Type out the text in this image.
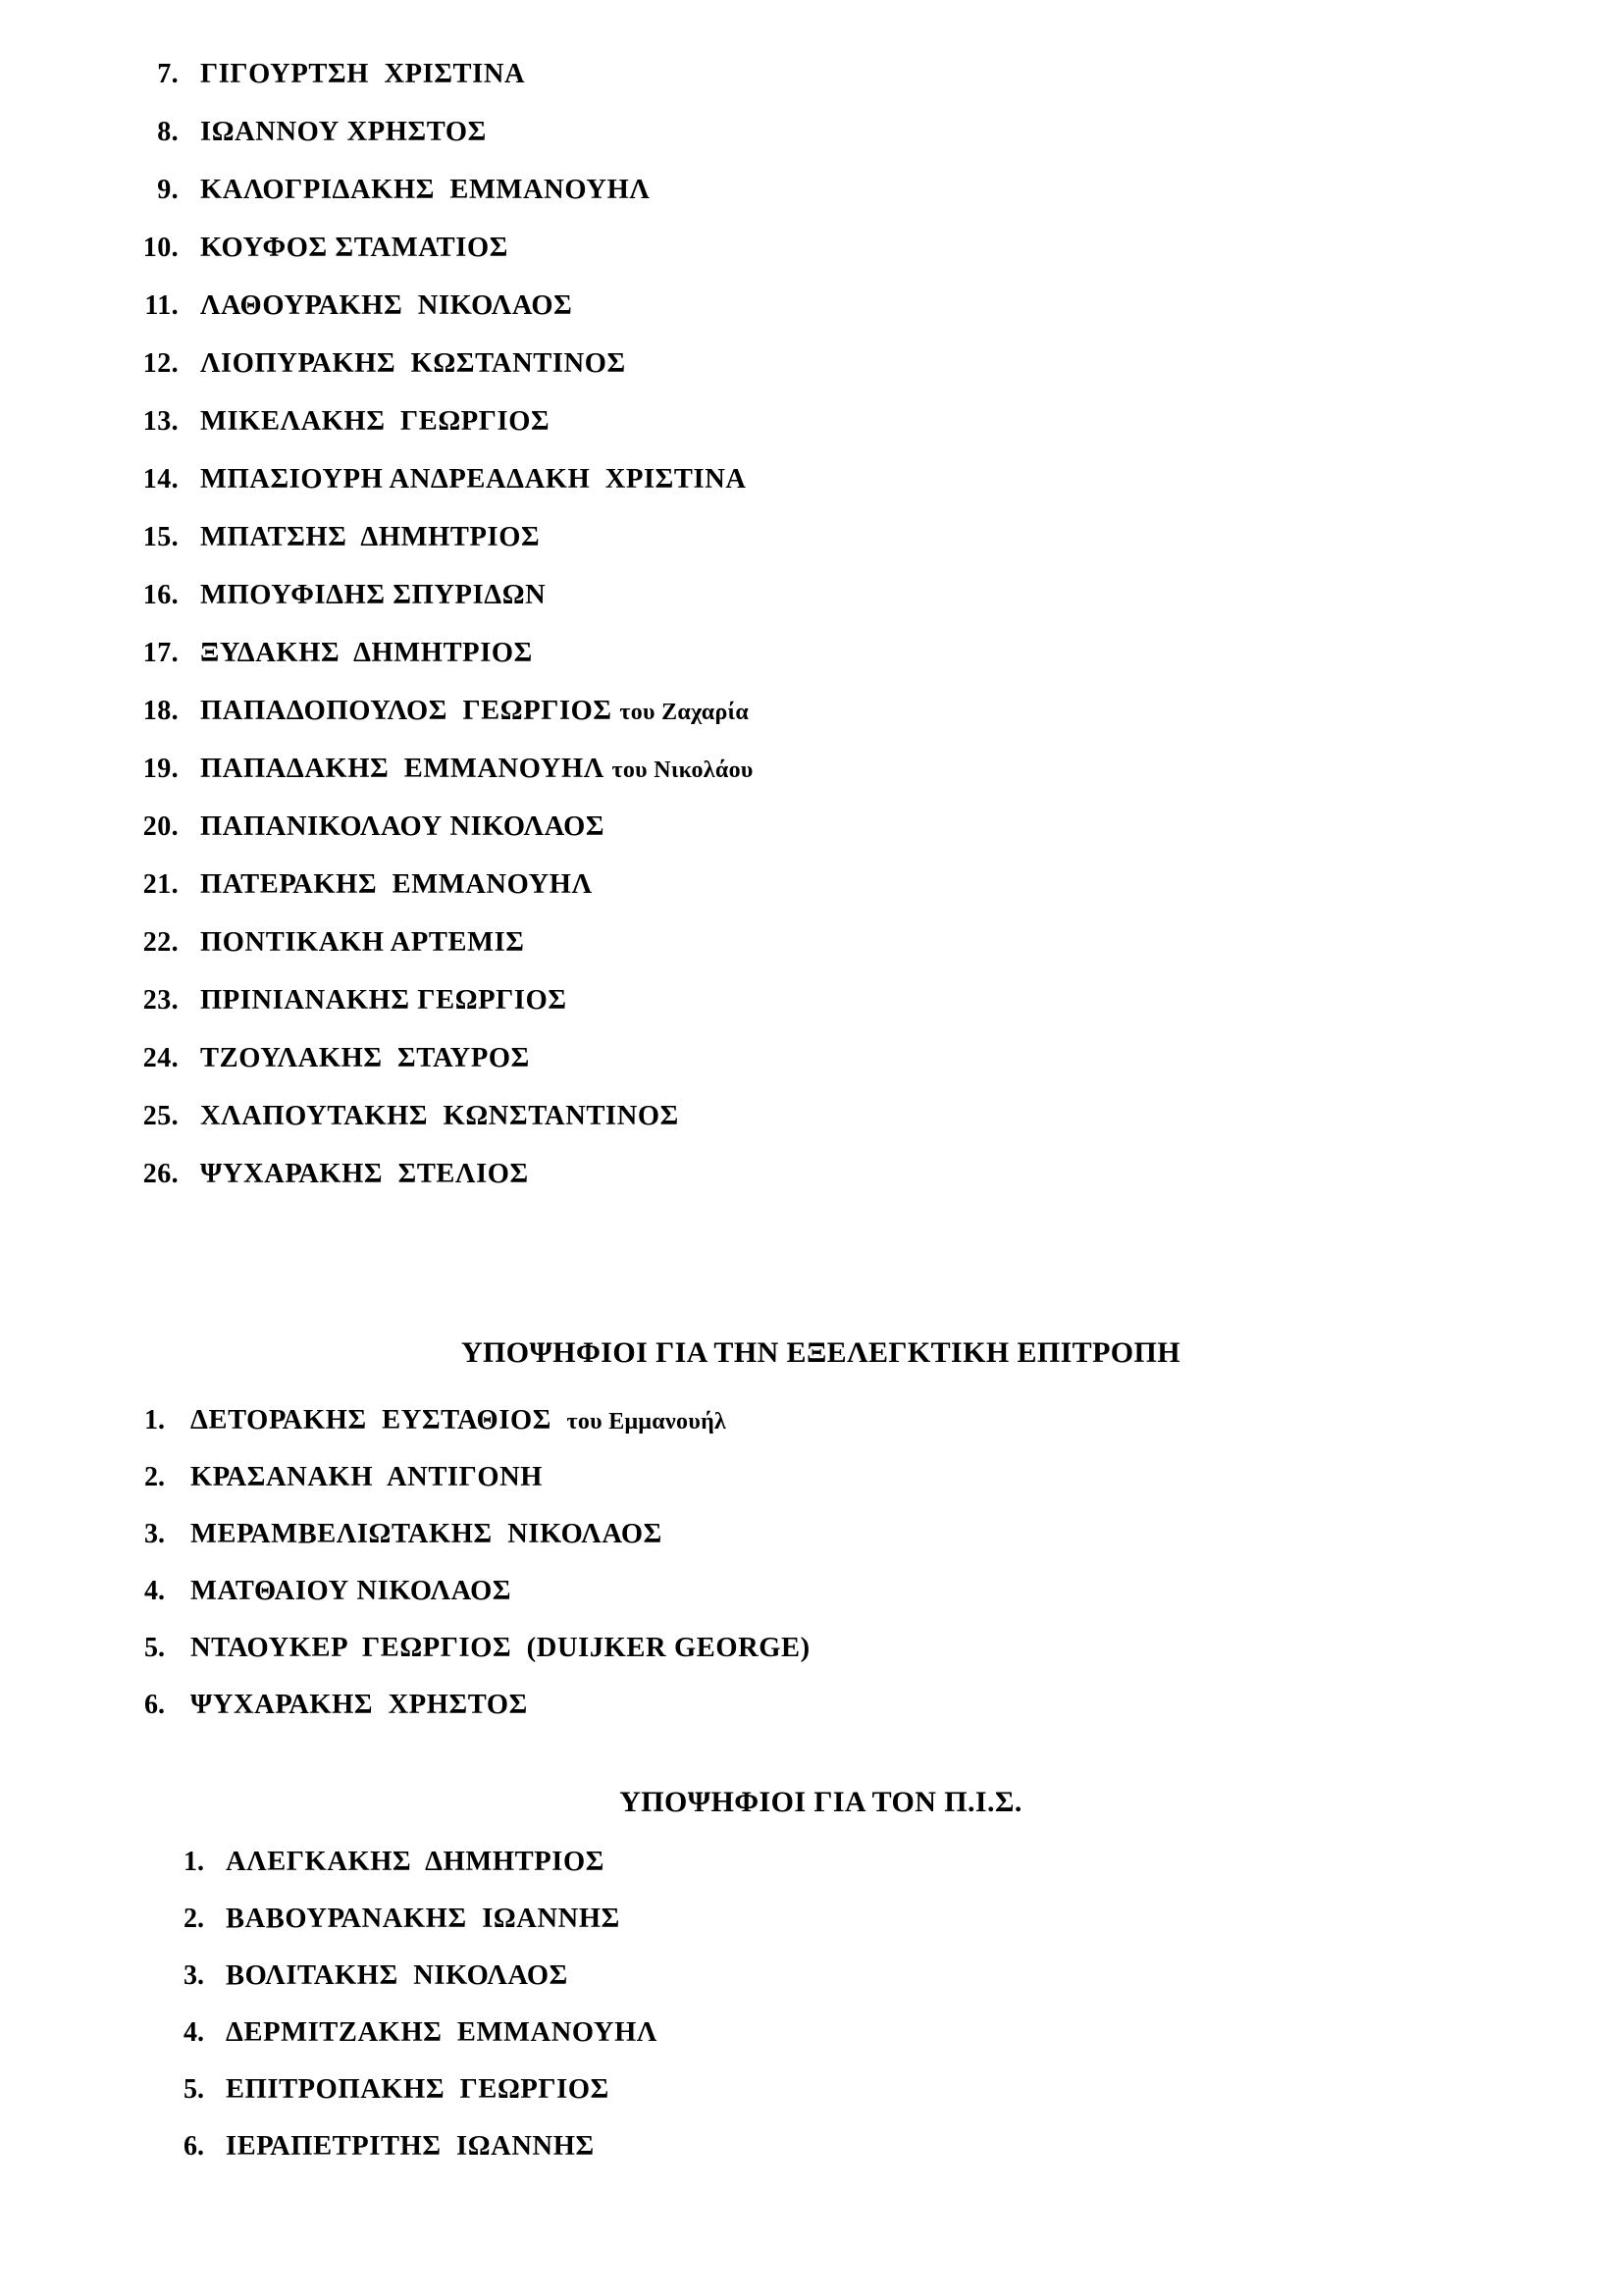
7. ΓΙΓΟΥΡΤΣΗ  ΧΡΙΣΤΙΝΑ
8. ΙΩΑΝΝΟΥ ΧΡΗΣΤΟΣ
9. ΚΑΛΟΓΡΙΔΑΚΗΣ  ΕΜΜΑΝΟΥΗΛ
10. ΚΟΥΦΟΣ ΣΤΑΜΑΤΙΟΣ
11. ΛΑΘΟΥΡΑΚΗΣ  ΝΙΚΟΛΑΟΣ
12. ΛΙΟΠΥΡΑΚΗΣ  ΚΩΣΤΑΝΤΙΝΟΣ
13. ΜΙΚΕΛΑΚΗΣ  ΓΕΩΡΓΙΟΣ
14. ΜΠΑΣΙΟΥΡΗ ΑΝΔΡΕΑΔΑΚΗ  ΧΡΙΣΤΙΝΑ
15. ΜΠΑΤΣΗΣ  ΔΗΜΗΤΡΙΟΣ
16. ΜΠΟΥΦΙΔΗΣ ΣΠΥΡΙΔΩΝ
17. ΞΥΔΑΚΗΣ  ΔΗΜΗΤΡΙΟΣ
18. ΠΑΠΑΔΟΠΟΥΛΟΣ  ΓΕΩΡΓΙΟΣ του Ζαχαρία
19. ΠΑΠΑΔΑΚΗΣ  ΕΜΜΑΝΟΥΗΛ του Νικολάου
20. ΠΑΠΑΝΙΚΟΛΑΟΥ ΝΙΚΟΛΑΟΣ
21. ΠΑΤΕΡΑΚΗΣ  ΕΜΜΑΝΟΥΗΛ
22. ΠΟΝΤΙΚΑΚΗ ΑΡΤΕΜΙΣ
23. ΠΡΙΝΙΑΝΑΚΗΣ ΓΕΩΡΓΙΟΣ
24. ΤΖΟΥΛΑΚΗΣ  ΣΤΑΥΡΟΣ
25. ΧΛΑΠΟΥΤΑΚΗΣ  ΚΩΝΣΤΑΝΤΙΝΟΣ
26. ΨΥΧΑΡΑΚΗΣ  ΣΤΕΛΙΟΣ
ΥΠΟΨΗΦΙΟΙ ΓΙΑ ΤΗΝ ΕΞΕΛΕΓΚΤΙΚΗ ΕΠΙΤΡΟΠΗ
1. ΔΕΤΟΡΑΚΗΣ  ΕΥΣΤΑΘΙΟΣ  του Εμμανουήλ
2. ΚΡΑΣΑΝΑΚΗ  ΑΝΤΙΓΟΝΗ
3. ΜΕΡΑΜΒΕΛΙΩΤΑΚΗΣ  ΝΙΚΟΛΑΟΣ
4. ΜΑΤΘΑΙΟΥ ΝΙΚΟΛΑΟΣ
5. ΝΤΑΟΥΚΕΡ  ΓΕΩΡΓΙΟΣ  (DUIJKER GEORGE)
6. ΨΥΧΑΡΑΚΗΣ  ΧΡΗΣΤΟΣ
ΥΠΟΨΗΦΙΟΙ ΓΙΑ ΤΟΝ Π.Ι.Σ.
1. ΑΛΕΓΚΑΚΗΣ  ΔΗΜΗΤΡΙΟΣ
2. ΒΑΒΟΥΡΑΝΑΚΗΣ  ΙΩΑΝΝΗΣ
3. ΒΟΛΙΤΑΚΗΣ  ΝΙΚΟΛΑΟΣ
4. ΔΕΡΜΙΤΖΑΚΗΣ  ΕΜΜΑΝΟΥΗΛ
5. ΕΠΙΤΡΟΠΑΚΗΣ  ΓΕΩΡΓΙΟΣ
6. ΙΕΡΑΠΕΤΡΙΤΗΣ  ΙΩΑΝΝΗΣ
